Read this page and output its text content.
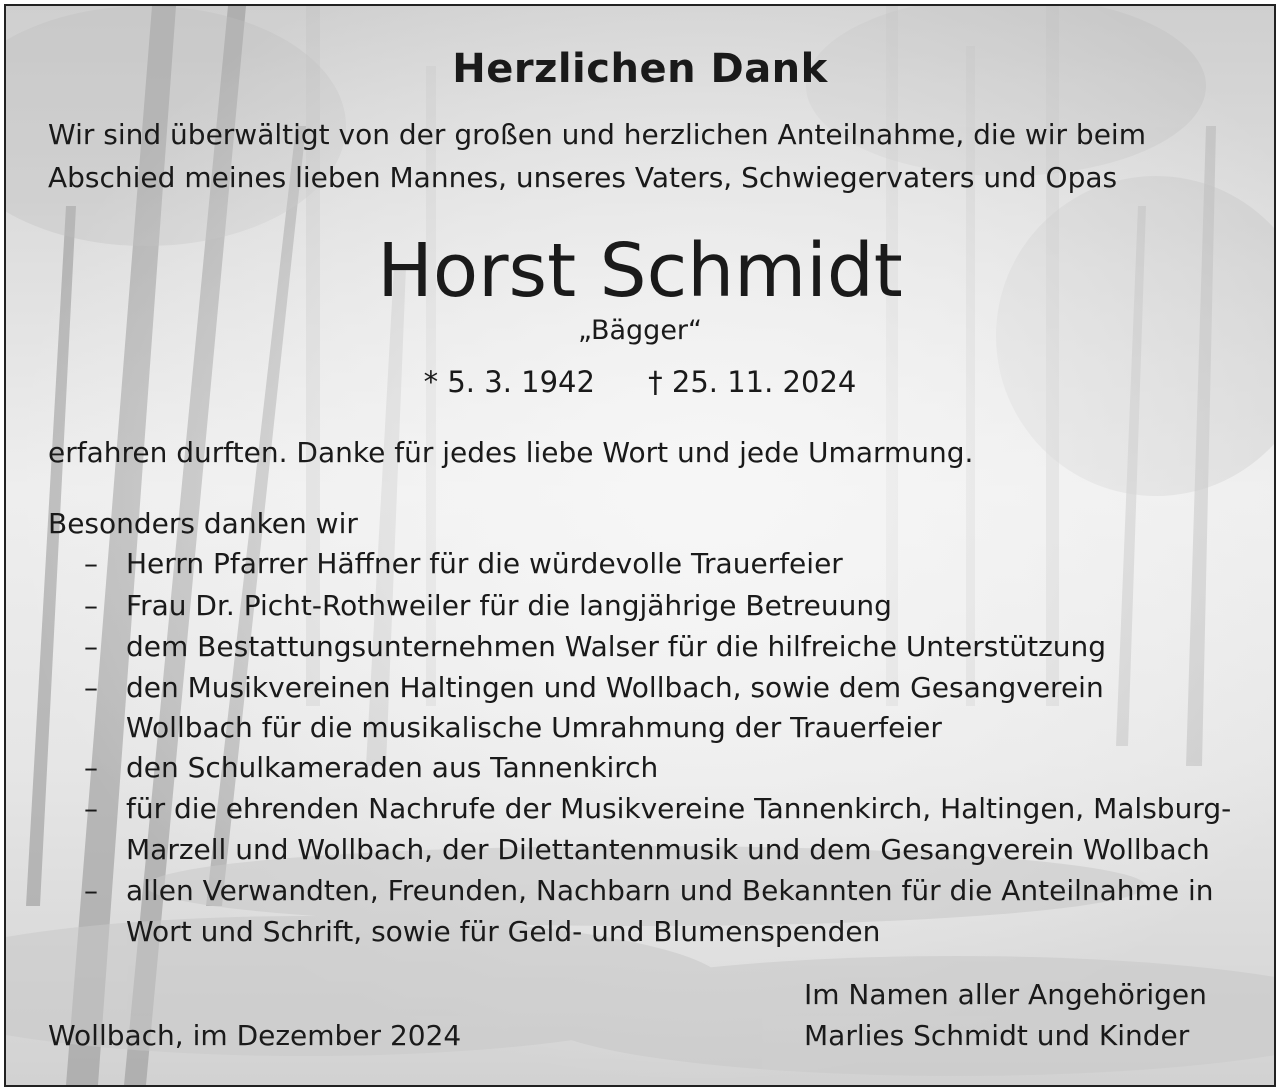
Herzlichen Dank
Wir sind überwältigt von der großen und herzlichen Anteilnahme, die wir beim
Abschied meines lieben Mannes, unseres Vaters, Schwiegervaters und Opas
Horst Schmidt
„Bägger“
* 5. 3. 1942 † 25. 11. 2024
erfahren durften. Danke für jedes liebe Wort und jede Umarmung.
Besonders danken wir
– Herrn Pfarrer Häffner für die würdevolle Trauerfeier
– Frau Dr. Picht-Rothweiler für die langjährige Betreuung
– dem Bestattungsunternehmen Walser für die hilfreiche Unterstützung
– den Musikvereinen Haltingen und Wollbach, sowie dem Gesangverein
Wollbach für die musikalische Umrahmung der Trauerfeier
– den Schulkameraden aus Tannenkirch
– für die ehrenden Nachrufe der Musikvereine Tannenkirch, Haltingen, Malsburg-
Marzell und Wollbach, der Dilettantenmusik und dem Gesangverein Wollbach
– allen Verwandten, Freunden, Nachbarn und Bekannten für die Anteilnahme in
Wort und Schrift, sowie für Geld- und Blumenspenden
Im Namen aller Angehörigen
Wollbach, im Dezember 2024	Marlies Schmidt und Kinder
